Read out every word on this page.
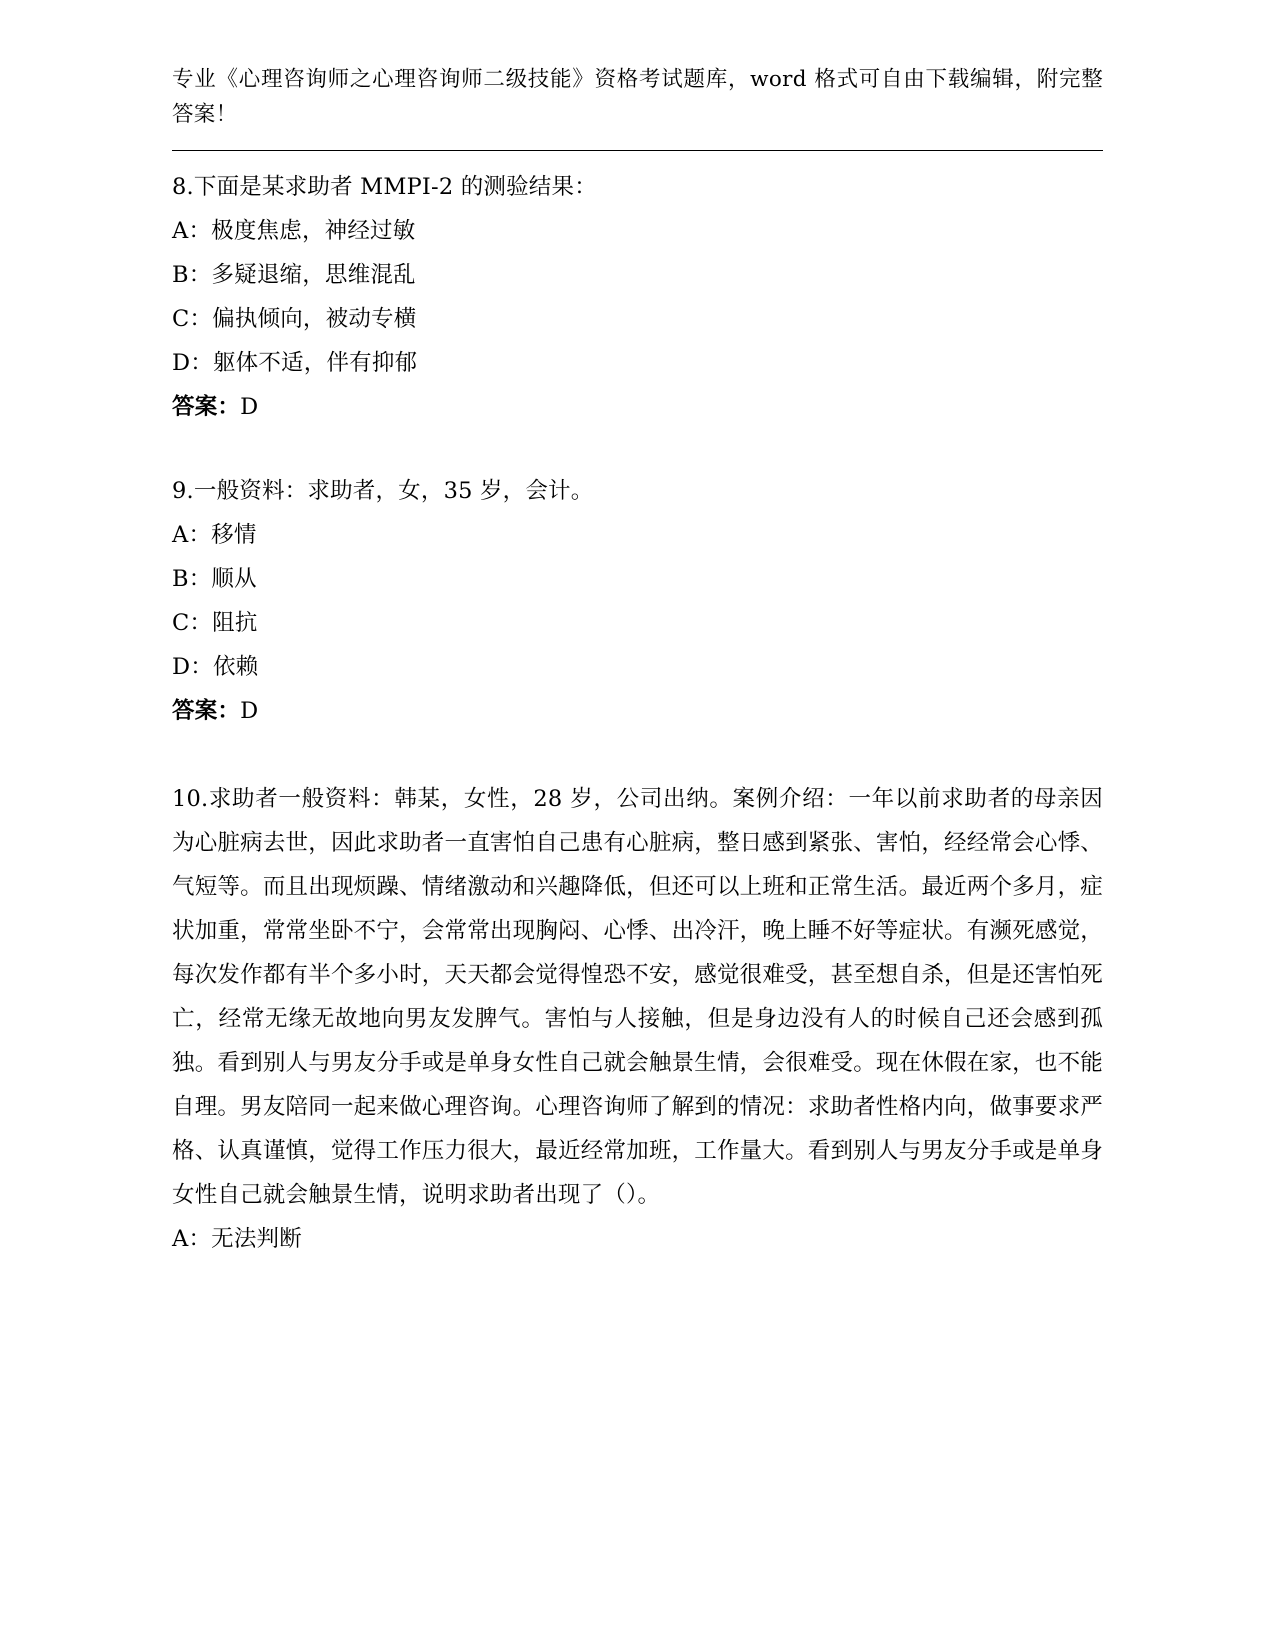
专业《心理咨询师之心理咨询师二级技能》资格考试题库，word 格式可自由下载编辑，附完整答案！

8.下面是某求助者 MMPI-2 的测验结果：

A：极度焦虑，神经过敏

B：多疑退缩，思维混乱

C：偏执倾向，被动专横

D：躯体不适，伴有抑郁

答案：D

9.一般资料：求助者，女，35 岁，会计。

A：移情

B：顺从

C：阻抗

D：依赖

答案：D

10.求助者一般资料：韩某，女性，28 岁，公司出纳。案例介绍：一年以前求助者的母亲因为心脏病去世，因此求助者一直害怕自己患有心脏病，整日感到紧张、害怕，经经常会心悸、气短等。而且出现烦躁、情绪激动和兴趣降低，但还可以上班和正常生活。最近两个多月，症状加重，常常坐卧不宁，会常常出现胸闷、心悸、出冷汗，晚上睡不好等症状。有濒死感觉，每次发作都有半个多小时，天天都会觉得惶恐不安，感觉很难受，甚至想自杀，但是还害怕死亡，经常无缘无故地向男友发脾气。害怕与人接触，但是身边没有人的时候自己还会感到孤独。看到别人与男友分手或是单身女性自己就会触景生情，会很难受。现在休假在家，也不能自理。男友陪同一起来做心理咨询。心理咨询师了解到的情况：求助者性格内向，做事要求严格、认真谨慎，觉得工作压力很大，最近经常加班，工作量大。看到别人与男友分手或是单身女性自己就会触景生情，说明求助者出现了（）。

A：无法判断
